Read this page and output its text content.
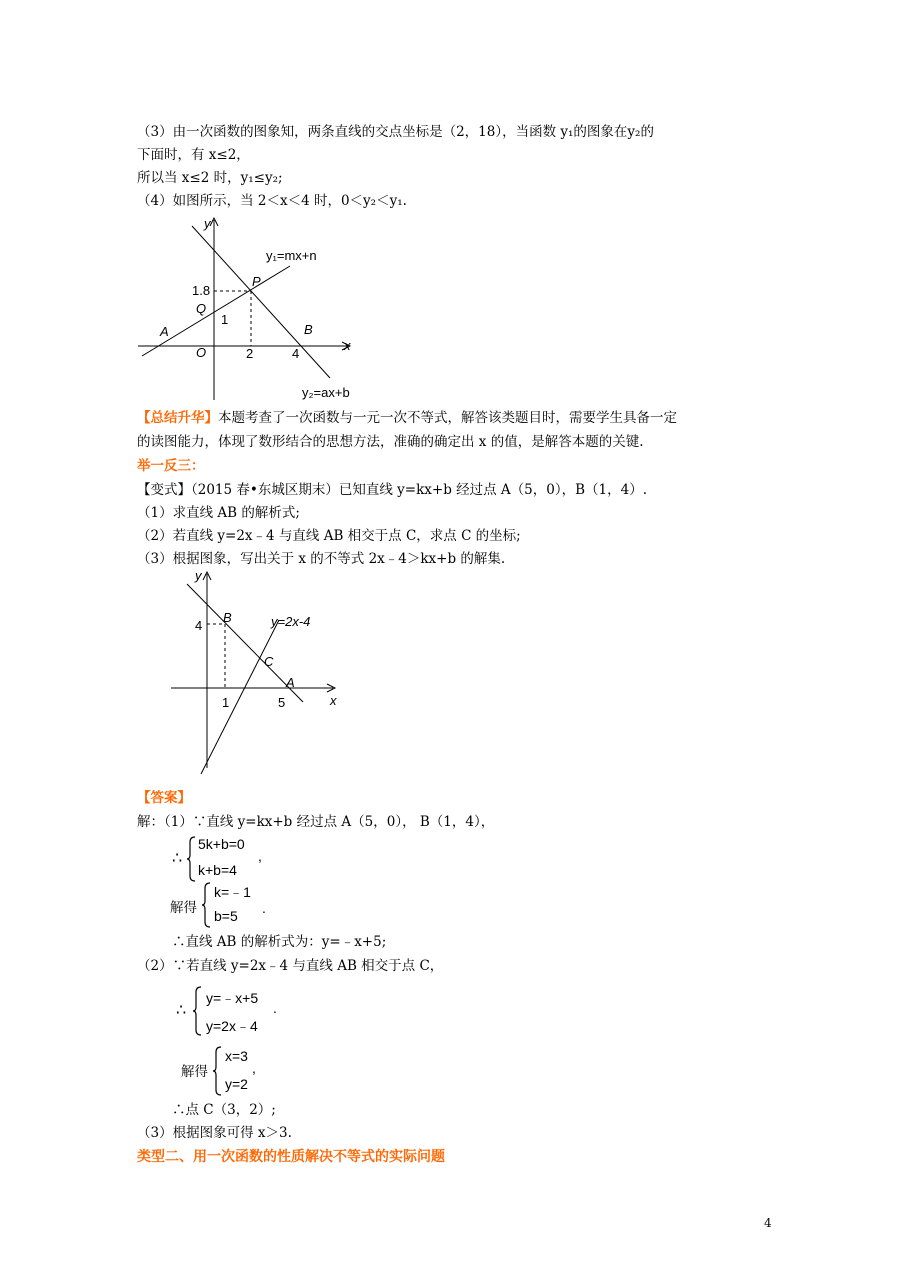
（3）由一次函数的图象知，两条直线的交点坐标是（2，18），当函数 y₁的图象在y₂的
下面时，有 x≤2，
所以当 x≤2 时，y₁≤y₂;
（4）如图所示，当 2＜x＜4 时，0＜y₂＜y₁.
y
x
y₁=mx+n
y₂=ax+b
P
Q
A	B
O
1.8
1
2	4
【总结升华】本题考查了一次函数与一元一次不等式，解答该类题目时，需要学生具备一定
的读图能力，体现了数形结合的思想方法，准确的确定出 x 的值，是解答本题的关键.
举一反三：
【变式】（2015 春•东城区期末）已知直线 y=kx+b 经过点 A（5，0），B（1，4）.
（1）求直线 AB 的解析式;
（2）若直线 y=2x﹣4 与直线 AB 相交于点 C，求点 C 的坐标;
（3）根据图象，写出关于 x 的不等式 2x﹣4＞kx+b 的解集.
y
x
B
C
A
y=2x-4
4
1	5
【答案】
解：（1）∵直线 y=kx+b 经过点 A（5，0）， B（1，4），
∴
5k+b=0
,
k+b=4
解得
k=﹣1
.
b=5
∴直线 AB 的解析式为：y=﹣x+5;
（2）∵若直线 y=2x﹣4 与直线 AB 相交于点 C，
∴
y=﹣x+5
.
y=2x﹣4
解得
x=3
,
y=2
∴点 C（3，2）;
（3）根据图象可得 x＞3.
类型二、用一次函数的性质解决不等式的实际问题
4
